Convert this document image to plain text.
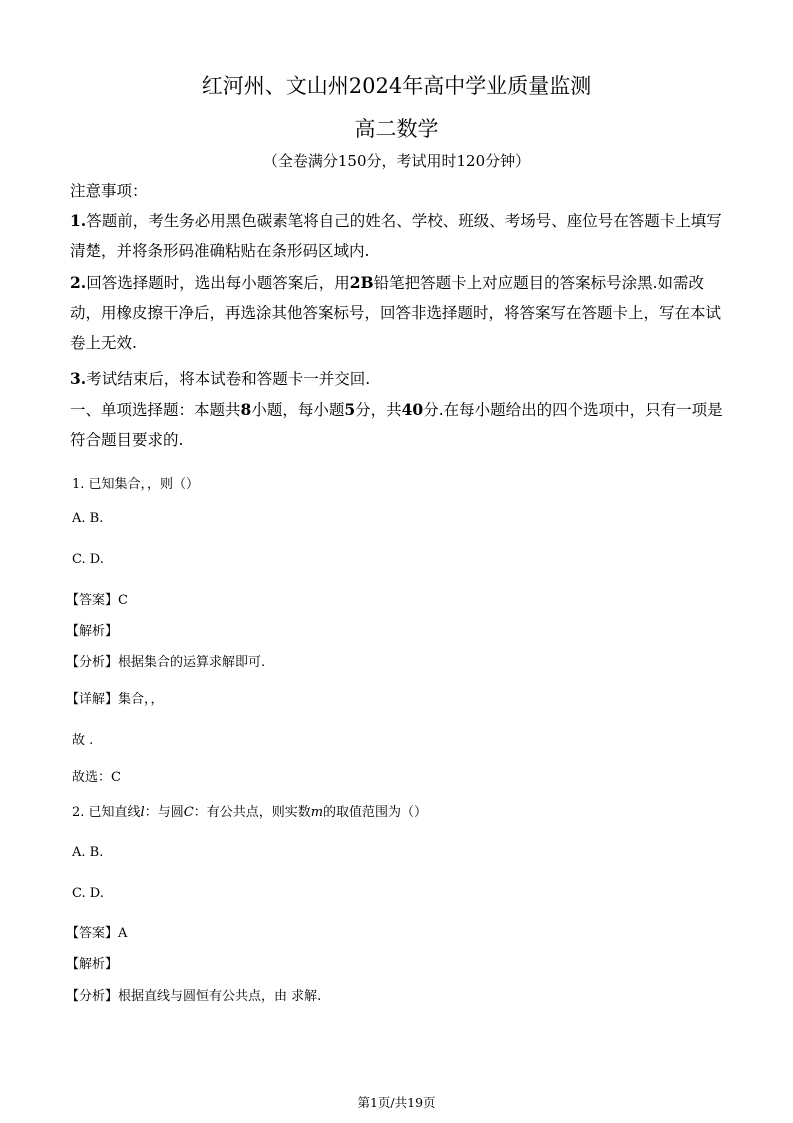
红河州、文山州2024年高中学业质量监测
高二数学
（全卷满分150分，考试用时120分钟）
注意事项：
1.答题前，考生务必用黑色碳素笔将自己的姓名、学校、班级、考场号、座位号在答题卡上填写清楚，并将条形码准确粘贴在条形码区域内.
2.回答选择题时，选出每小题答案后，用2B铅笔把答题卡上对应题目的答案标号涂黑.如需改动，用橡皮擦干净后，再选涂其他答案标号，回答非选择题时，将答案写在答题卡上，写在本试卷上无效.
3.考试结束后，将本试卷和答题卡一并交回.
一、单项选择题：本题共8小题，每小题5分，共40分.在每小题给出的四个选项中，只有一项是符合题目要求的.
1. 已知集合，，则（）
A. B.
C. D.
【答案】C
【解析】
【分析】根据集合的运算求解即可.
【详解】集合，，
故 .
故选：C
2. 已知直线l：与圆C：有公共点，则实数m的取值范围为（）
A. B.
C. D.
【答案】A
【解析】
【分析】根据直线与圆恒有公共点，由 求解.
第1页/共19页
